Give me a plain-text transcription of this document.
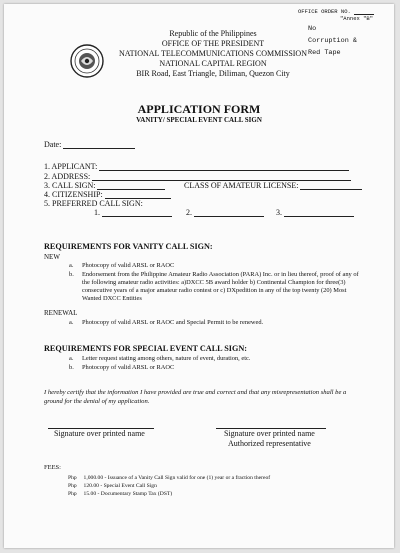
Republic of the Philippines
OFFICE OF THE PRESIDENT
NATIONAL TELECOMMUNICATIONS COMMISSION
NATIONAL CAPITAL REGION
BIR Road, East Triangle, Diliman, Quezon City
OFFICE ORDER NO.
"Annex "B"
No
Corruption &
Red Tape
APPLICATION FORM
VANITY/ SPECIAL EVENT CALL SIGN
Date:
1. APPLICANT:
2. ADDRESS:
3. CALL SIGN:	CLASS OF AMATEUR LICENSE:
4. CITIZENSHIP:
5. PREFERRED CALL SIGN:
1.	2.	3.
REQUIREMENTS FOR VANITY CALL SIGN:
NEW
a. Photocopy of valid ARSL or RAOC
b. Endorsement from the Philippine Amateur Radio Association (PARA) Inc. or in lieu thereof, proof of any of the following amateur radio activities: a)DXCC 5B award holder b) Continental Champion for three(3) consecutive years of a major amateur radio contest or c) DXpedition in any of the top twenty (20) Most Wanted DXCC Entities
RENEWAL
a. Photocopy of valid ARSL or RAOC and Special Permit to be renewed.
REQUIREMENTS FOR SPECIAL EVENT CALL SIGN:
a. Letter request stating among others, nature of event, duration, etc.
b. Photocopy of valid ARSL or RAOC
I hereby certify that the information I have provided are true and correct and that any misrepresentation shall be a ground for the denial of my application.
Signature over printed name	Signature over printed name
Authorized representative
FEES:
Php 1,000.00 - Issuance of a Vanity Call Sign valid for one (1) year or a fraction thereof
Php 120.00 - Special Event Call Sign
Php 15.00 - Documentary Stamp Tax (DST)
